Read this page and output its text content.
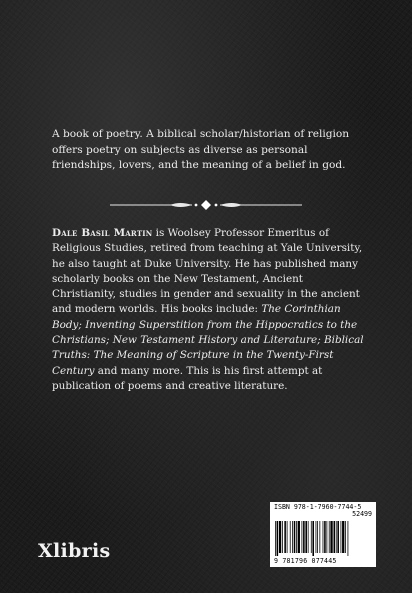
A book of poetry. A biblical scholar/historian of religion offers poetry on subjects as diverse as personal friendships, lovers, and the meaning of a belief in god.

Dale Basil Martin is Woolsey Professor Emeritus of Religious Studies, retired from teaching at Yale University, he also taught at Duke University. He has published many scholarly books on the New Testament, Ancient Christianity, studies in gender and sexuality in the ancient and modern worlds. His books include: The Corinthian Body; Inventing Superstition from the Hippocratics to the Christians; New Testament History and Literature; Biblical Truths: The Meaning of Scripture in the Twenty-First Century and many more. This is his first attempt at publication of poems and creative literature.

Xlibris
ISBN 978-1-7960-7744-5
52499
9 781796 077445
